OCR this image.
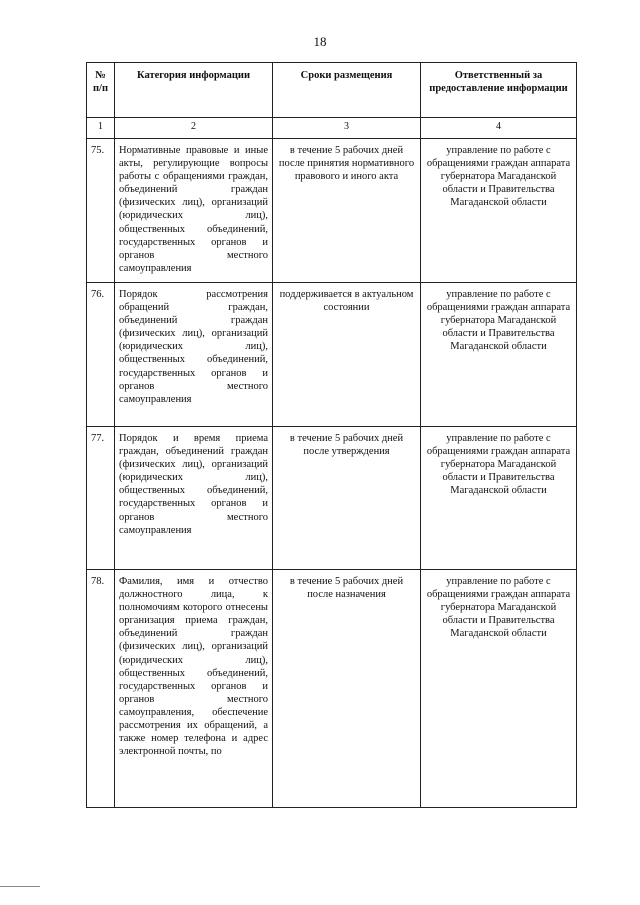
18
№ п/п	Категория информации	Сроки размещения	Ответственный за предоставление информации
1	2	3	4
75.	Нормативные правовые и иные акты, регулирующие вопросы работы с обращениями граждан, объединений граждан (физических лиц), организаций (юридических лиц), общественных объединений, государственных органов и органов местного самоуправления	в течение 5 рабочих дней после принятия нормативного правового и иного акта	управление по работе с обращениями граждан аппарата губернатора Магаданской области и Правительства Магаданской области
76.	Порядок рассмотрения обращений граждан, объединений граждан (физических лиц), организаций (юридических лиц), общественных объединений, государственных органов и органов местного самоуправления	поддерживается в актуальном состоянии	управление по работе с обращениями граждан аппарата губернатора Магаданской области и Правительства Магаданской области
77.	Порядок и время приема граждан, объединений граждан (физических лиц), организаций (юридических лиц), общественных объединений, государственных органов и органов местного самоуправления	в течение 5 рабочих дней после утверждения	управление по работе с обращениями граждан аппарата губернатора Магаданской области и Правительства Магаданской области
78.	Фамилия, имя и отчество должностного лица, к полномочиям которого отнесены организация приема граждан, объединений граждан (физических лиц), организаций (юридических лиц), общественных объединений, государственных органов и органов местного самоуправления, обеспечение рассмотрения их обращений, а также номер телефона и адрес электронной почты, по	в течение 5 рабочих дней после назначения	управление по работе с обращениями граждан аппарата губернатора Магаданской области и Правительства Магаданской области
